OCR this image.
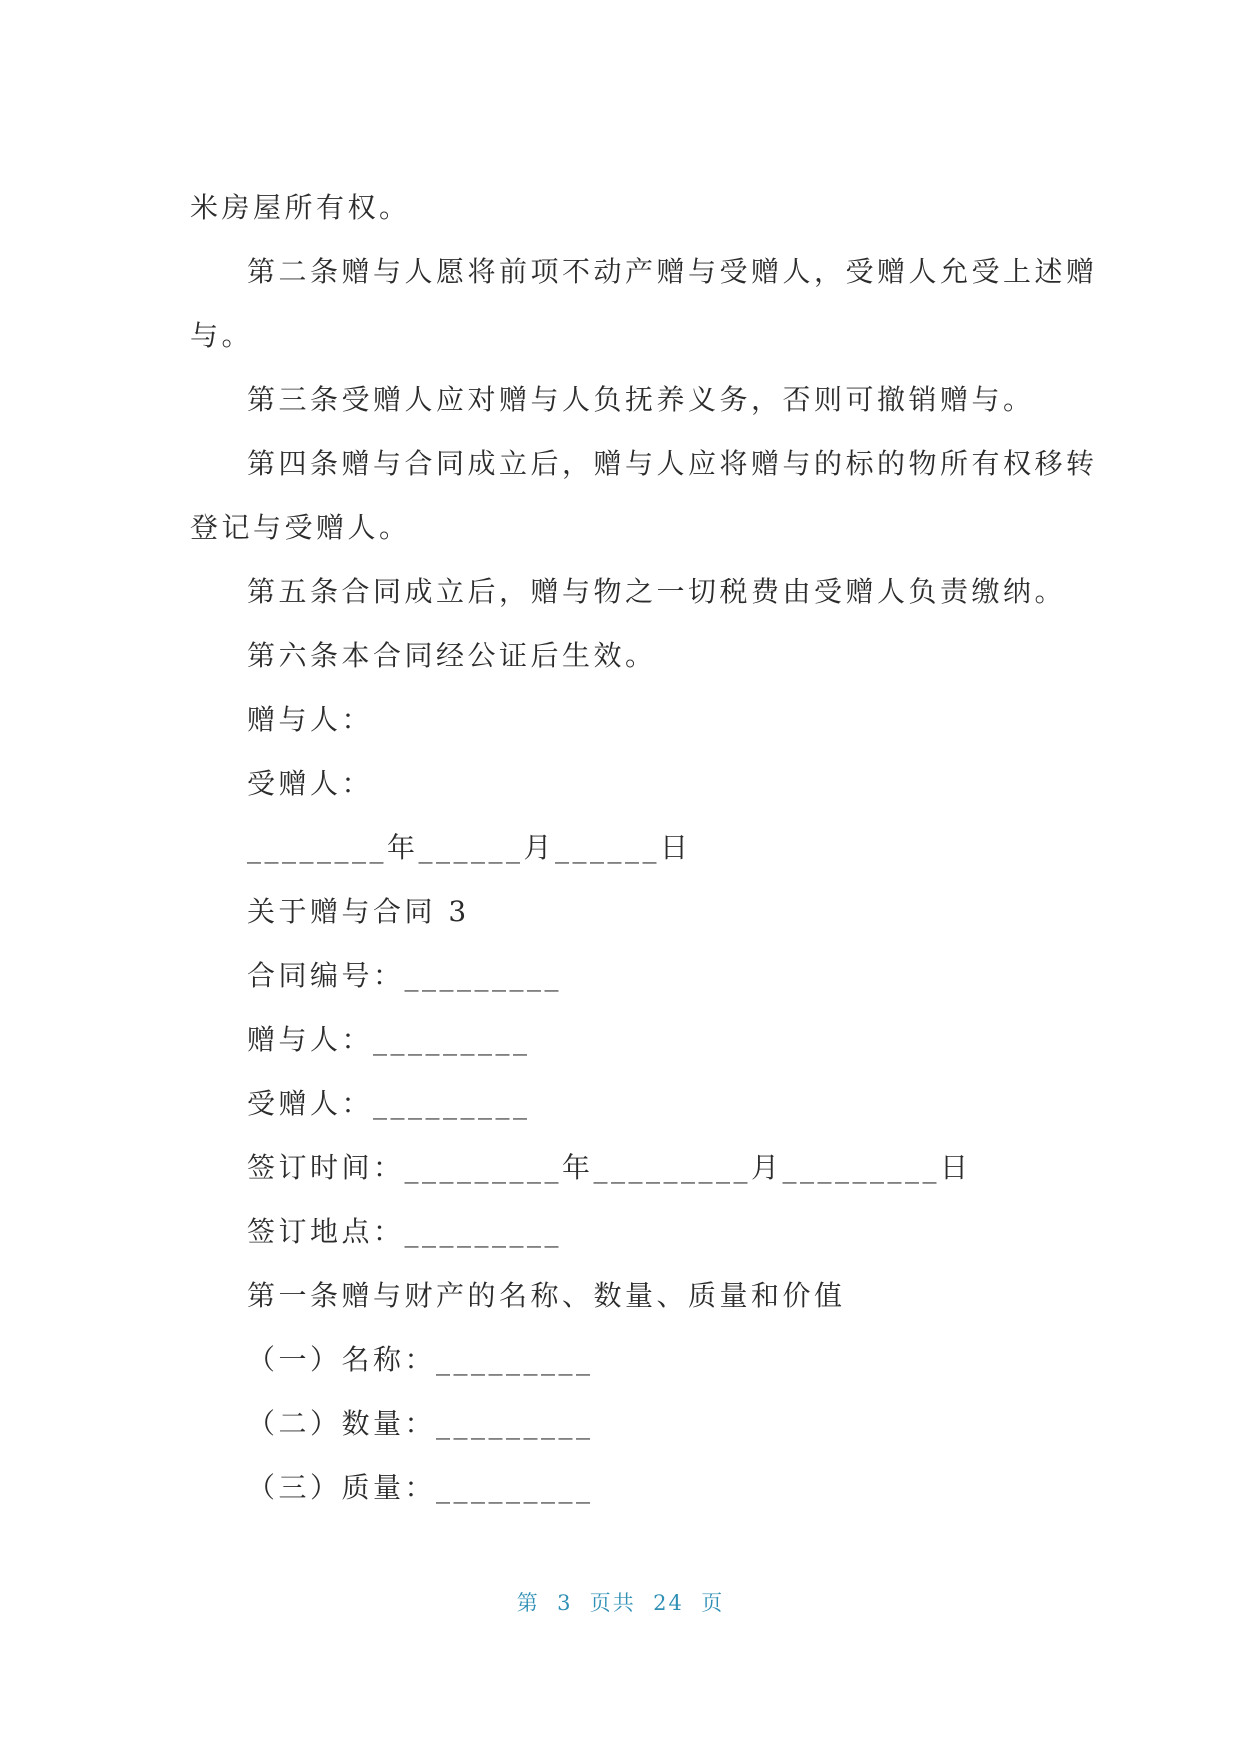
米房屋所有权。

第二条赠与人愿将前项不动产赠与受赠人，受赠人允受上述赠

与。

第三条受赠人应对赠与人负抚养义务，否则可撤销赠与。

第四条赠与合同成立后，赠与人应将赠与的标的物所有权移转

登记与受赠人。

第五条合同成立后，赠与物之一切税费由受赠人负责缴纳。

第六条本合同经公证后生效。

赠与人：

受赠人：

________年______月______日

关于赠与合同 3

合同编号：_________

赠与人：_________

受赠人：_________

签订时间：_________年_________月_________日

签订地点：_________

第一条赠与财产的名称、数量、质量和价值

（一）名称：_________

（二）数量：_________

（三）质量：_________

第  3  页共  24  页
